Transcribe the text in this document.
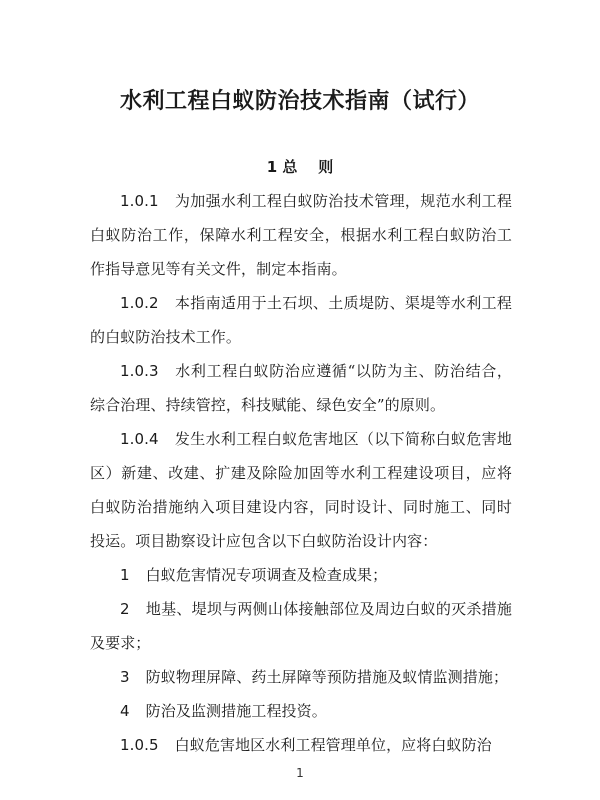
水利工程白蚁防治技术指南（试行）
1 总    则

1.0.1 为加强水利工程白蚁防治技术管理，规范水利工程白蚁防治工作，保障水利工程安全，根据水利工程白蚁防治工作指导意见等有关文件，制定本指南。

1.0.2 本指南适用于土石坝、土质堤防、渠堤等水利工程的白蚁防治技术工作。

1.0.3 水利工程白蚁防治应遵循“以防为主、防治结合，综合治理、持续管控，科技赋能、绿色安全”的原则。

1.0.4 发生水利工程白蚁危害地区（以下简称白蚁危害地区）新建、改建、扩建及除险加固等水利工程建设项目，应将白蚁防治措施纳入项目建设内容，同时设计、同时施工、同时投运。项目勘察设计应包含以下白蚁防治设计内容：

1 白蚁危害情况专项调查及检查成果；

2 地基、堤坝与两侧山体接触部位及周边白蚁的灭杀措施及要求；

3 防蚁物理屏障、药土屏障等预防措施及蚁情监测措施；

4 防治及监测措施工程投资。

1.0.5 白蚁危害地区水利工程管理单位，应将白蚁防治

1
